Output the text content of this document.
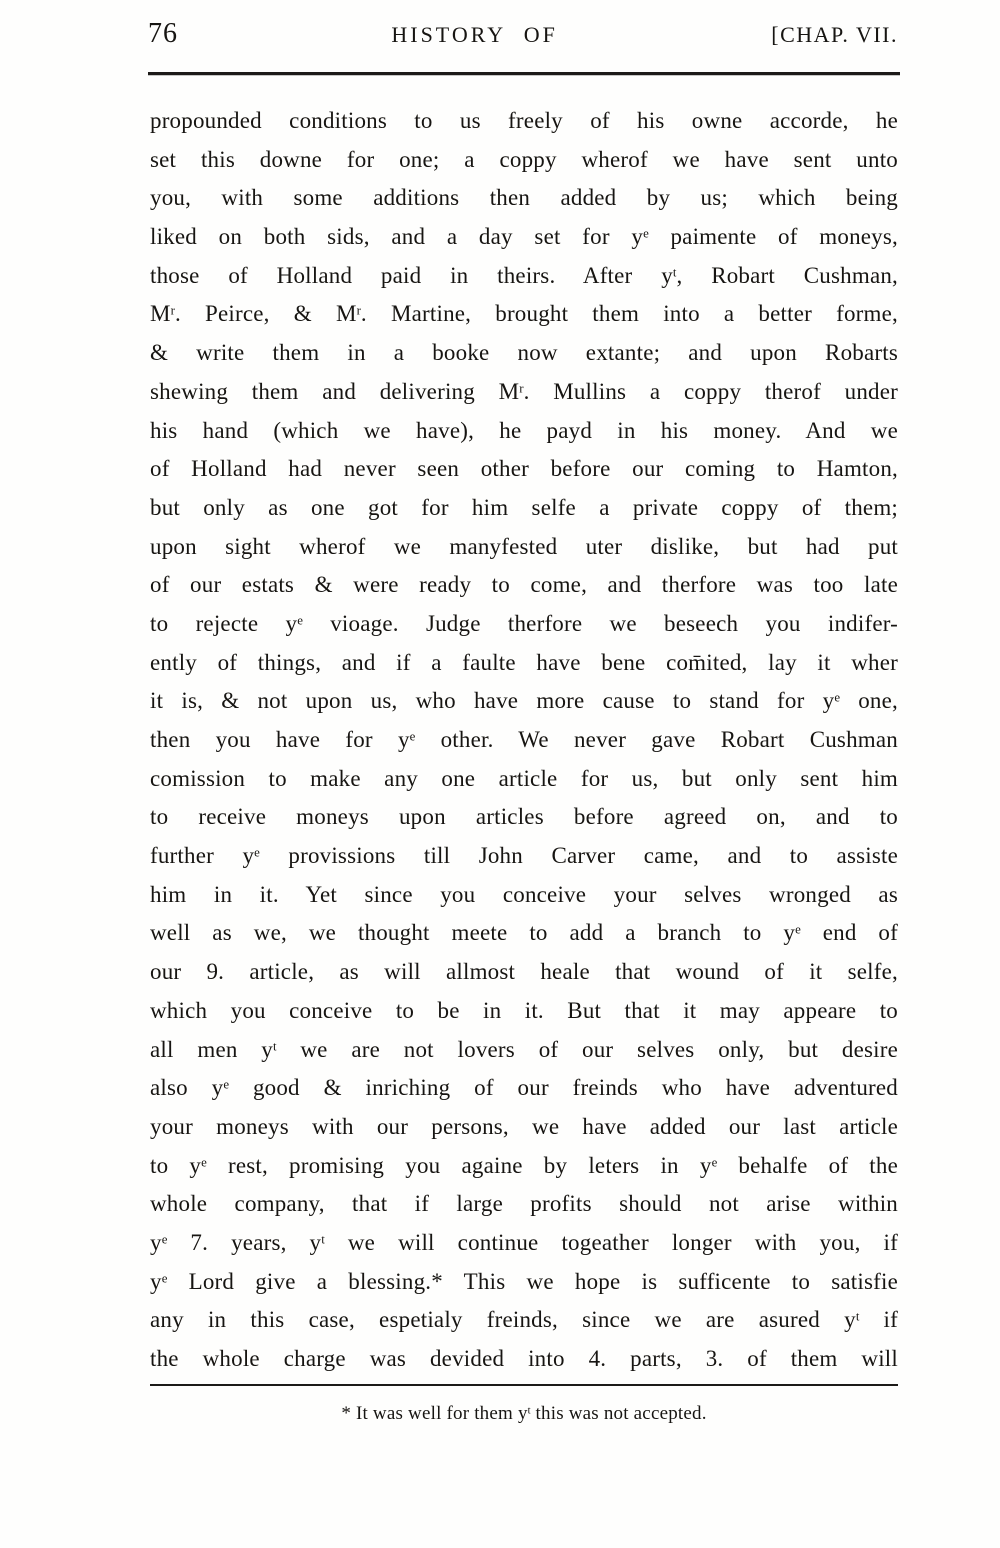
76	HISTORY OF	[CHAP. VII.
propounded conditions to us freely of his owne accorde, he
set this downe for one; a coppy wherof we have sent unto
you, with some additions then added by us; which being
liked on both sids, and a day set for $y^e$ paimente of moneys,
those of Holland paid in theirs. After $y^t$, Robart Cushman,
$M^r$. Peirce, & $M^r$. Martine, brought them into a better forme,
& write them in a booke now extante; and upon Robarts
shewing them and delivering $M^r$. Mullins a coppy therof under
his hand (which we have), he payd in his money. And we
of Holland had never seen other before our coming to Hamton,
but only as one got for him selfe a private coppy of them;
upon sight wherof we manyfested uter dislike, but had put
of our estats & were ready to come, and therfore was too late
to rejecte $y^e$ vioage. Judge therfore we beseech you indifer-
ently of things, and if a faulte have bene com̄ited, lay it wher
it is, & not upon us, who have more cause to stand for $y^e$ one,
then you have for $y^e$ other. We never gave Robart Cushman
comission to make any one article for us, but only sent him
to receive moneys upon articles before agreed on, and to
further $y^e$ provissions till John Carver came, and to assiste
him in it. Yet since you conceive your selves wronged as
well as we, we thought meete to add a branch to $y^e$ end of
our 9. article, as will allmost heale that wound of it selfe,
which you conceive to be in it. But that it may appeare to
all men $y^t$ we are not lovers of our selves only, but desire
also $y^e$ good & inriching of our freinds who have adventured
your moneys with our persons, we have added our last article
to $y^e$ rest, promising you againe by leters in $y^e$ behalfe of the
whole company, that if large profits should not arise within
$y^e$ 7. years, $y^t$ we will continue togeather longer with you, if
$y^e$ Lord give a blessing.* This we hope is sufficente to satisfie
any in this case, espetialy freinds, since we are asured $y^t$ if
the whole charge was devided into 4. parts, 3. of them will
* It was well for them $y^t$ this was not accepted.
